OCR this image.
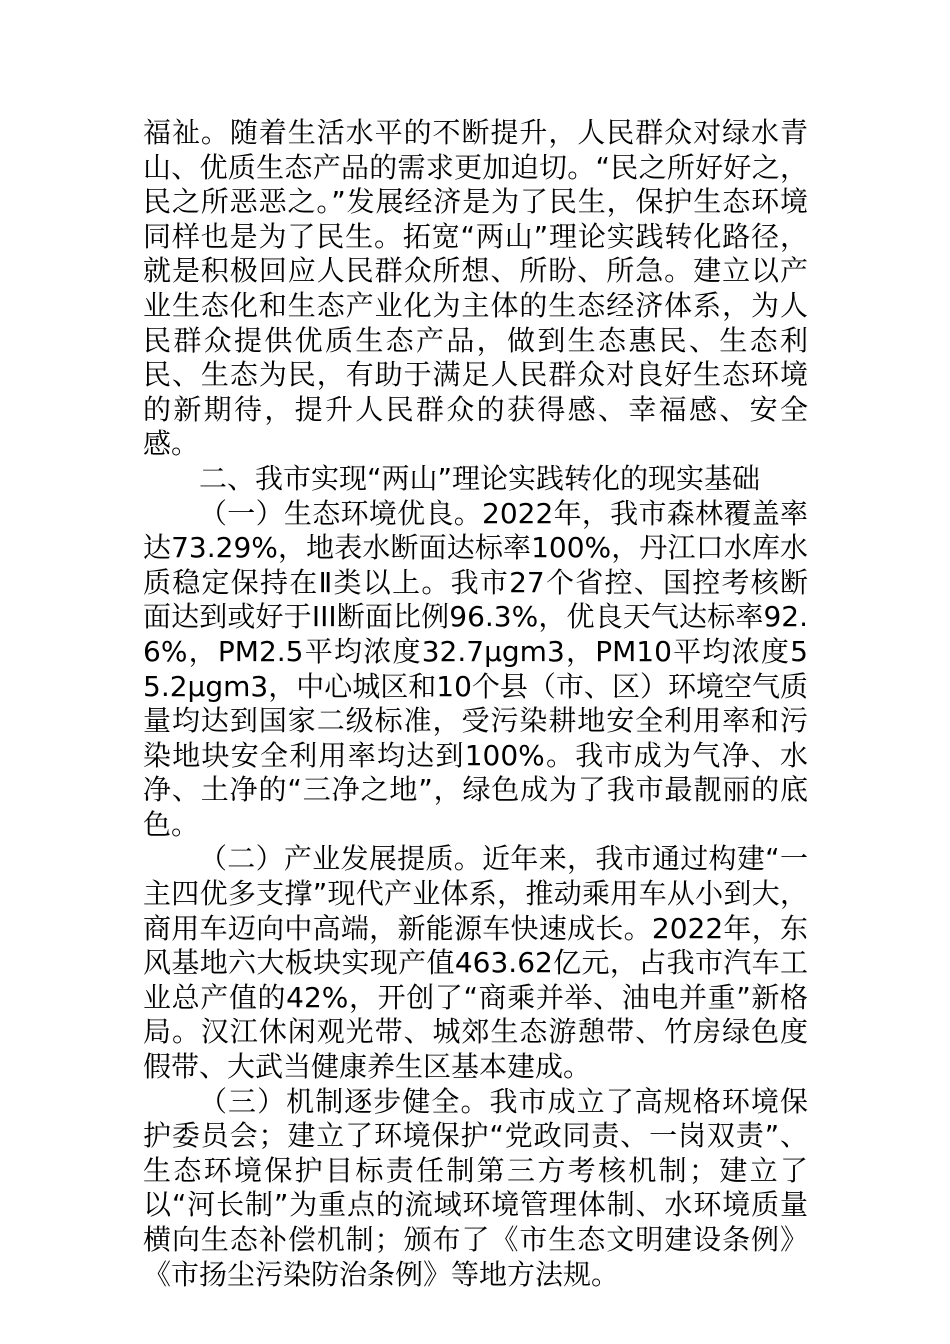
福祉。随着生活水平的不断提升，人民群众对绿水青山、优质生态产品的需求更加迫切。“民之所好好之，民之所恶恶之。”发展经济是为了民生，保护生态环境同样也是为了民生。拓宽“两山”理论实践转化路径，就是积极回应人民群众所想、所盼、所急。建立以产业生态化和生态产业化为主体的生态经济体系，为人民群众提供优质生态产品，做到生态惠民、生态利民、生态为民，有助于满足人民群众对良好生态环境的新期待，提升人民群众的获得感、幸福感、安全感。

二、我市实现“两山”理论实践转化的现实基础

（一）生态环境优良。2022年，我市森林覆盖率达73.29%，地表水断面达标率100%，丹江口水库水质稳定保持在Ⅱ类以上。我市27个省控、国控考核断面达到或好于III断面比例96.3%，优良天气达标率92.6%，PM2.5平均浓度32.7μgm3，PM10平均浓度55.2μgm3，中心城区和10个县（市、区）环境空气质量均达到国家二级标准，受污染耕地安全利用率和污染地块安全利用率均达到100%。我市成为气净、水净、土净的“三净之地”，绿色成为了我市最靓丽的底色。

（二）产业发展提质。近年来，我市通过构建“一主四优多支撑”现代产业体系，推动乘用车从小到大，商用车迈向中高端，新能源车快速成长。2022年，东风基地六大板块实现产值463.62亿元，占我市汽车工业总产值的42%，开创了“商乘并举、油电并重”新格局。汉江休闲观光带、城郊生态游憩带、竹房绿色度假带、大武当健康养生区基本建成。

（三）机制逐步健全。我市成立了高规格环境保护委员会；建立了环境保护“党政同责、一岗双责”、生态环境保护目标责任制第三方考核机制；建立了以“河长制”为重点的流域环境管理体制、水环境质量横向生态补偿机制；颁布了《市生态文明建设条例》《市扬尘污染防治条例》等地方法规。
